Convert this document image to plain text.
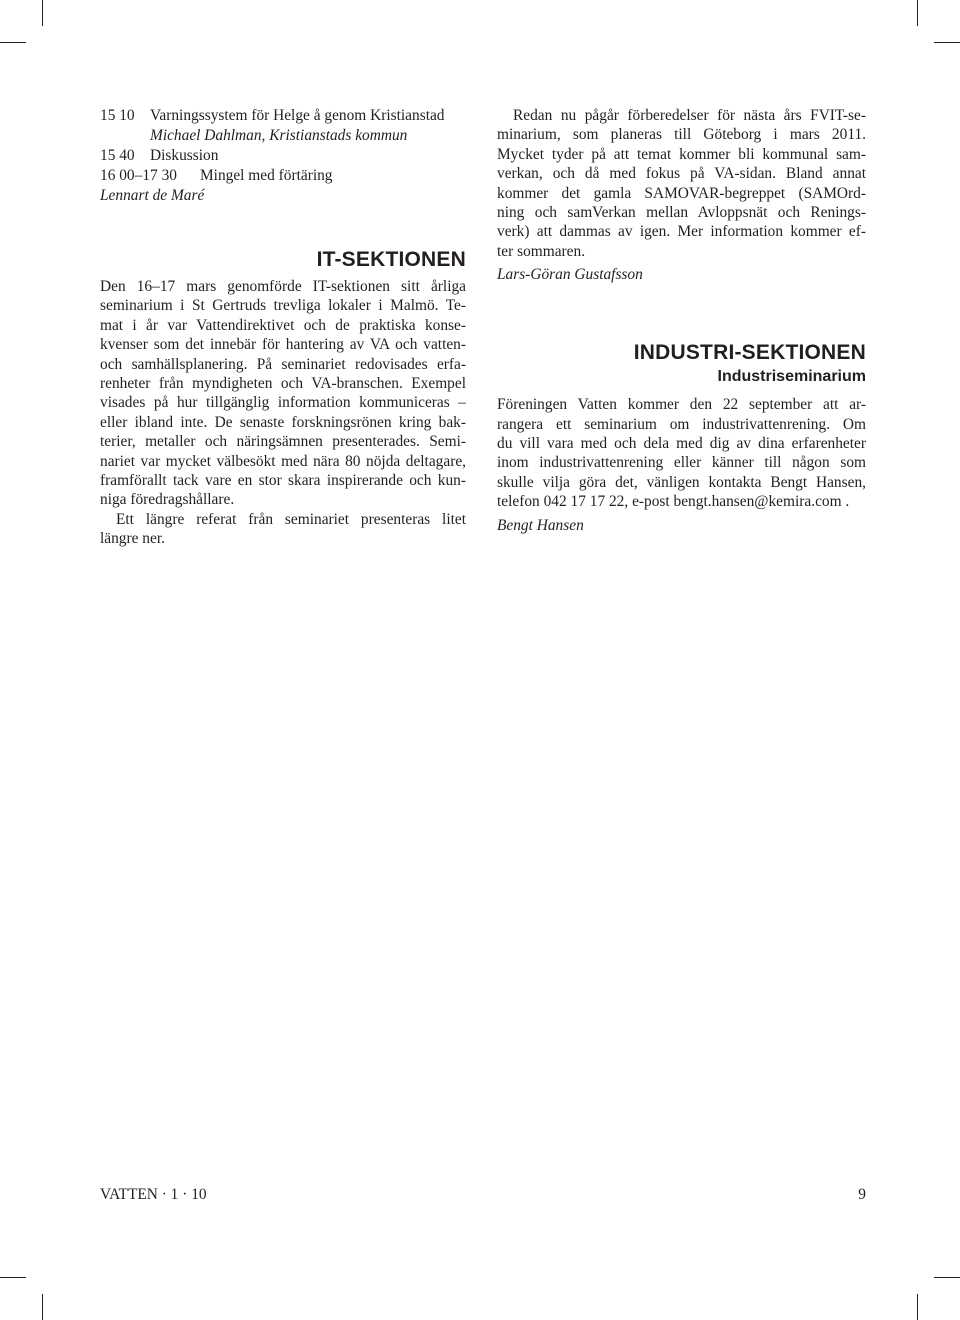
15 10 Varningssystem för Helge å genom Kristianstad
Michael Dahlman, Kristianstads kommun
15 40 Diskussion
16 00–17 30 Mingel med förtäring
Lennart de Maré
IT-SEKTIONEN

Den 16–17 mars genomförde IT-sektionen sitt årliga
seminarium i St Gertruds trevliga lokaler i Malmö. Te-
mat i år var Vattendirektivet och de praktiska konse-
kvenser som det innebär för hantering av VA och vatten-
och samhällsplanering. På seminariet redovisades erfa-
renheter från myndigheten och VA-branschen. Exempel
visades på hur tillgänglig information kommuniceras –
eller ibland inte. De senaste forskningsrönen kring bak-
terier, metaller och näringsämnen presenterades. Semi-
nariet var mycket välbesökt med nära 80 nöjda deltagare,
framförallt tack vare en stor skara inspirerande och kun-
niga föredragshållare.

Ett längre referat från seminariet presenteras litet
längre ner.

Redan nu pågår förberedelser för nästa års FVIT-se-
minarium, som planeras till Göteborg i mars 2011.
Mycket tyder på att temat kommer bli kommunal sam-
verkan, och då med fokus på VA-sidan. Bland annat
kommer det gamla SAMOVAR-begreppet (SAMOrd-
ning och samVerkan mellan Avloppsnät och Renings-
verk) att dammas av igen. Mer information kommer ef-
ter sommaren.

Lars-Göran Gustafsson
INDUSTRI-SEKTIONEN
Industriseminarium

Föreningen Vatten kommer den 22 september att ar-
rangera ett seminarium om industrivattenrening. Om
du vill vara med och dela med dig av dina erfarenheter
inom industrivattenrening eller känner till någon som
skulle vilja göra det, vänligen kontakta Bengt Hansen,
telefon 042 17 17 22, e-post bengt.hansen@kemira.com .

Bengt Hansen
VATTEN · 1 · 10	9
